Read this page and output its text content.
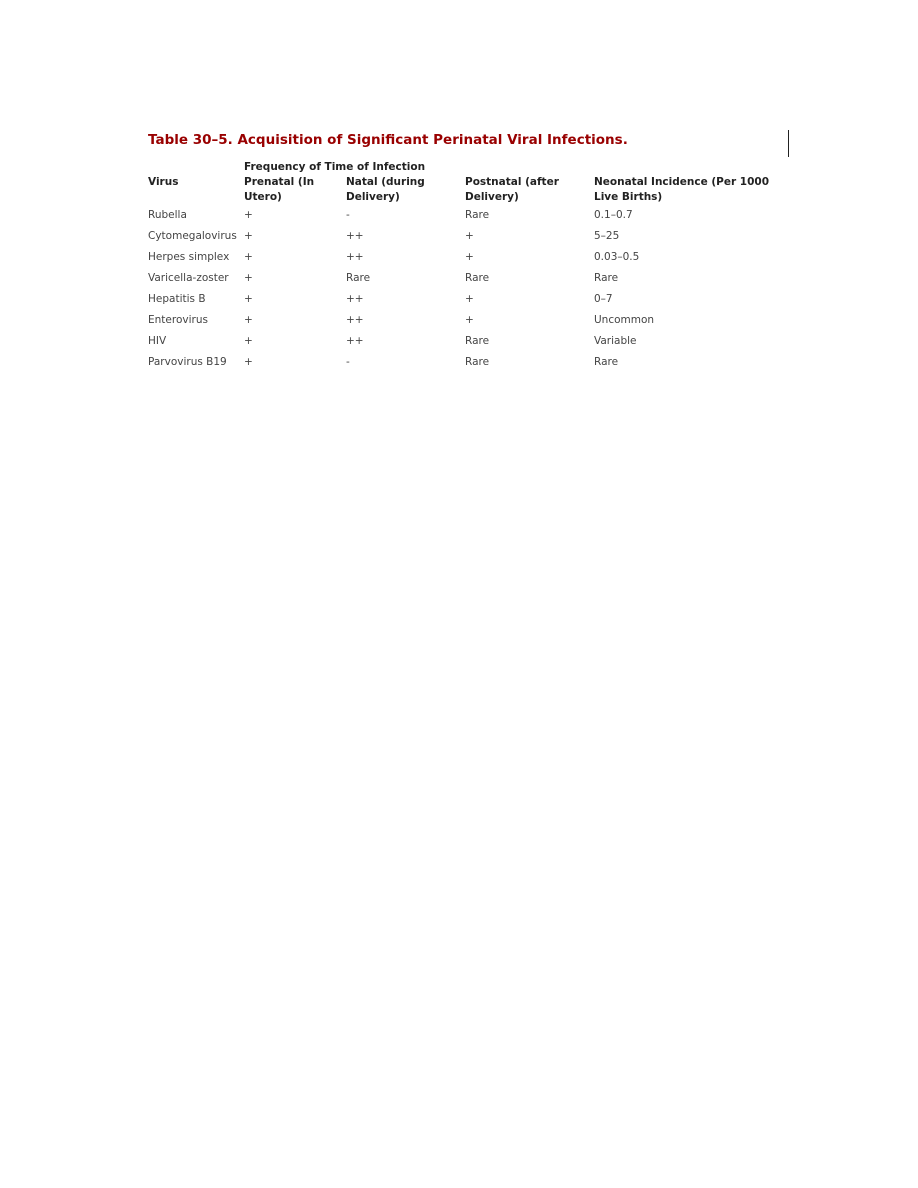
Table 30–5. Acquisition of Significant Perinatal Viral Infections.
	Frequency of Time of Infection			
Virus	Prenatal (In Utero)	Natal (during Delivery)	Postnatal (after Delivery)	Neonatal Incidence (Per 1000 Live Births)
Rubella	+	-	Rare	0.1–0.7
Cytomegalovirus	+	++	+	5–25
Herpes simplex	+	++	+	0.03–0.5
Varicella-zoster	+	Rare	Rare	Rare
Hepatitis B	+	++	+	0–7
Enterovirus	+	++	+	Uncommon
HIV	+	++	Rare	Variable
Parvovirus B19	+	-	Rare	Rare
